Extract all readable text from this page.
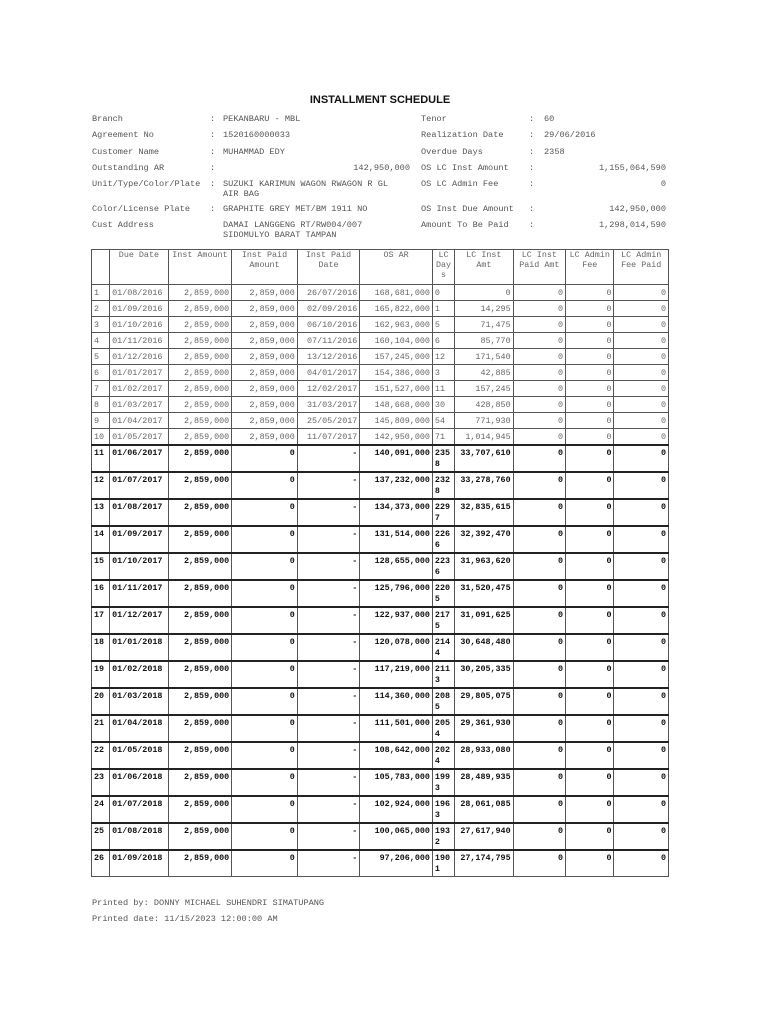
INSTALLMENT SCHEDULE
Branch	: PEKANBARU - MBL
Agreement No	: 1520160000033
Customer Name	: MUHAMMAD EDY
Outstanding AR	:	142,950,000
Unit/Type/Color/Plate : SUZUKI KARIMUN WAGON RWAGON R GL AIR BAG
Color/License Plate : GRAPHITE GREY MET/BM 1911 NO
Cust Address	DAMAI LANGGENG RT/RW004/007 SIDOMULYO BARAT TAMPAN
Tenor	: 60
Realization Date	: 29/06/2016
Overdue Days	: 2358
OS LC Inst Amount :	1,155,064,590
OS LC Admin Fee	:	0
OS Inst Due Amount :	142,950,000
Amount To Be Paid :	1,298,014,590
	Due Date	Inst Amount	Inst Paid Amount	Inst Paid Date	OS AR	LC Days	LC Inst Amt	LC Inst Paid Amt	LC Admin Fee	LC Admin Fee Paid
1	01/08/2016	2,859,000	2,859,000	26/07/2016	168,681,000	0	0	0	0	0
2	01/09/2016	2,859,000	2,859,000	02/09/2016	165,822,000	1	14,295	0	0	0
3	01/10/2016	2,859,000	2,859,000	06/10/2016	162,963,000	5	71,475	0	0	0
4	01/11/2016	2,859,000	2,859,000	07/11/2016	160,104,000	6	85,770	0	0	0
5	01/12/2016	2,859,000	2,859,000	13/12/2016	157,245,000	12	171,540	0	0	0
6	01/01/2017	2,859,000	2,859,000	04/01/2017	154,386,000	3	42,885	0	0	0
7	01/02/2017	2,859,000	2,859,000	12/02/2017	151,527,000	11	157,245	0	0	0
8	01/03/2017	2,859,000	2,859,000	31/03/2017	148,668,000	30	428,850	0	0	0
9	01/04/2017	2,859,000	2,859,000	25/05/2017	145,809,000	54	771,930	0	0	0
10	01/05/2017	2,859,000	2,859,000	11/07/2017	142,950,000	71	1,014,945	0	0	0
11	01/06/2017	2,859,000	0	-	140,091,000	2358	33,707,610	0	0	0
12	01/07/2017	2,859,000	0	-	137,232,000	2328	33,278,760	0	0	0
13	01/08/2017	2,859,000	0	-	134,373,000	2297	32,835,615	0	0	0
14	01/09/2017	2,859,000	0	-	131,514,000	2266	32,392,470	0	0	0
15	01/10/2017	2,859,000	0	-	128,655,000	2236	31,963,620	0	0	0
16	01/11/2017	2,859,000	0	-	125,796,000	2205	31,520,475	0	0	0
17	01/12/2017	2,859,000	0	-	122,937,000	2175	31,091,625	0	0	0
18	01/01/2018	2,859,000	0	-	120,078,000	2144	30,648,480	0	0	0
19	01/02/2018	2,859,000	0	-	117,219,000	2113	30,205,335	0	0	0
20	01/03/2018	2,859,000	0	-	114,360,000	2085	29,805,075	0	0	0
21	01/04/2018	2,859,000	0	-	111,501,000	2054	29,361,930	0	0	0
22	01/05/2018	2,859,000	0	-	108,642,000	2024	28,933,080	0	0	0
23	01/06/2018	2,859,000	0	-	105,783,000	1993	28,489,935	0	0	0
24	01/07/2018	2,859,000	0	-	102,924,000	1963	28,061,085	0	0	0
25	01/08/2018	2,859,000	0	-	100,065,000	1932	27,617,940	0	0	0
26	01/09/2018	2,859,000	0	-	97,206,000	1901	27,174,795	0	0	0
Printed by: DONNY MICHAEL SUHENDRI SIMATUPANG
Printed date: 11/15/2023 12:00:00 AM
